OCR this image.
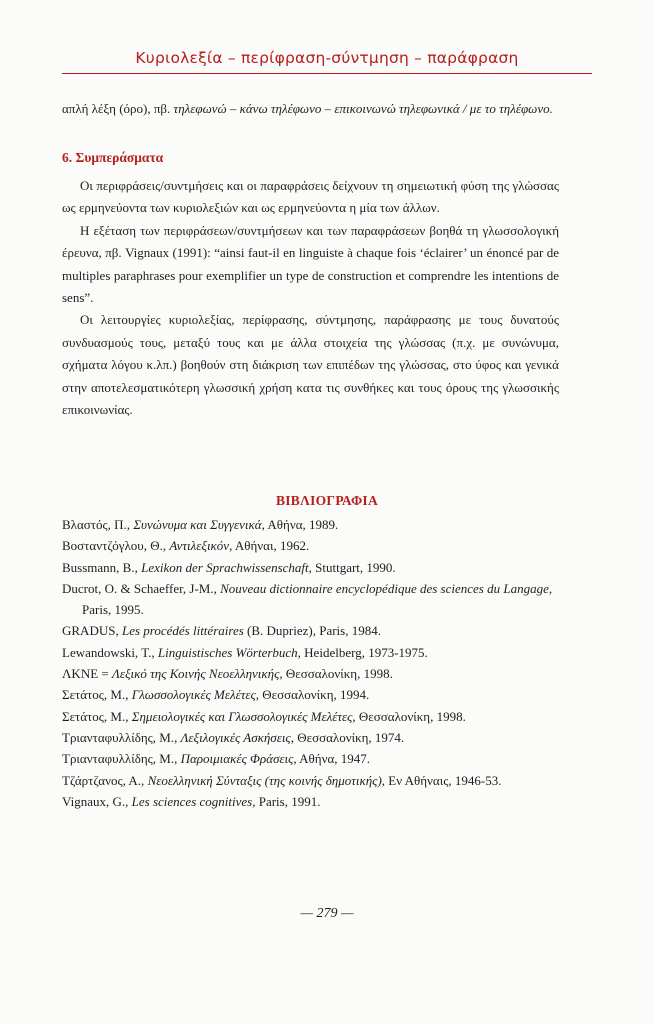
Κυριολεξία – περίφραση-σύντμηση – παράφραση
απλή λέξη (όρο), πβ. τηλεφωνώ – κάνω τηλέφωνο – επικοινωνώ τηλεφωνικά / με το τηλέφωνο.
6. Συμπεράσματα

Οι περιφράσεις/συντμήσεις και οι παραφράσεις δείχνουν τη σημειωτική φύση της γλώσσας ως ερμηνεύοντα των κυριολεξιών και ως ερμηνεύοντα η μία των άλλων.

Η εξέταση των περιφράσεων/συντμήσεων και των παραφράσεων βοηθά τη γλωσσολογική έρευνα, πβ. Vignaux (1991): “ainsi faut-il en linguiste à chaque fois ‘éclairer’ un énoncé par de multiples paraphrases pour exemplifier un type de construction et comprendre les intentions de sens”.

Οι λειτουργίες κυριολεξίας, περίφρασης, σύντμησης, παράφρασης με τους δυνατούς συνδυασμούς τους, μεταξύ τους και με άλλα στοιχεία της γλώσσας (π.χ. με συνώνυμα, σχήματα λόγου κ.λπ.) βοηθούν στη διάκριση των επιπέδων της γλώσσας, στο ύφος και γενικά στην αποτελεσματικότερη γλωσσική χρήση κατα τις συνθήκες και τους όρους της γλωσσικής επικοινωνίας.

ΒΙΒΛΙΟΓΡΑΦΙΑ
Βλαστός, Π., Συνώνυμα και Συγγενικά, Αθήνα, 1989.
Βοσταντζόγλου, Θ., Αντιλεξικόν, Αθήναι, 1962.
Bussmann, B., Lexikon der Sprachwissenschaft, Stuttgart, 1990.
Ducrot, O. & Schaeffer, J-M., Nouveau dictionnaire encyclopédique des sciences du Langage, Paris, 1995.
GRADUS, Les procédés littéraires (B. Dupriez), Paris, 1984.
Lewandowski, T., Linguistisches Wörterbuch, Heidelberg, 1973-1975.
ΛΚΝΕ = Λεξικό της Κοινής Νεοελληνικής, Θεσσαλονίκη, 1998.
Σετάτος, Μ., Γλωσσολογικές Μελέτες, Θεσσαλονίκη, 1994.
Σετάτος, Μ., Σημειολογικές και Γλωσσολογικές Μελέτες, Θεσσαλονίκη, 1998.
Τριανταφυλλίδης, Μ., Λεξιλογικές Ασκήσεις, Θεσσαλονίκη, 1974.
Τριανταφυλλίδης, Μ., Παροιμιακές Φράσεις, Αθήνα, 1947.
Τζάρτζανος, Α., Νεοελληνική Σύνταξις (της κοινής δημοτικής), Εν Αθήναις, 1946-53.
Vignaux, G., Les sciences cognitives, Paris, 1991.
— 279 —
